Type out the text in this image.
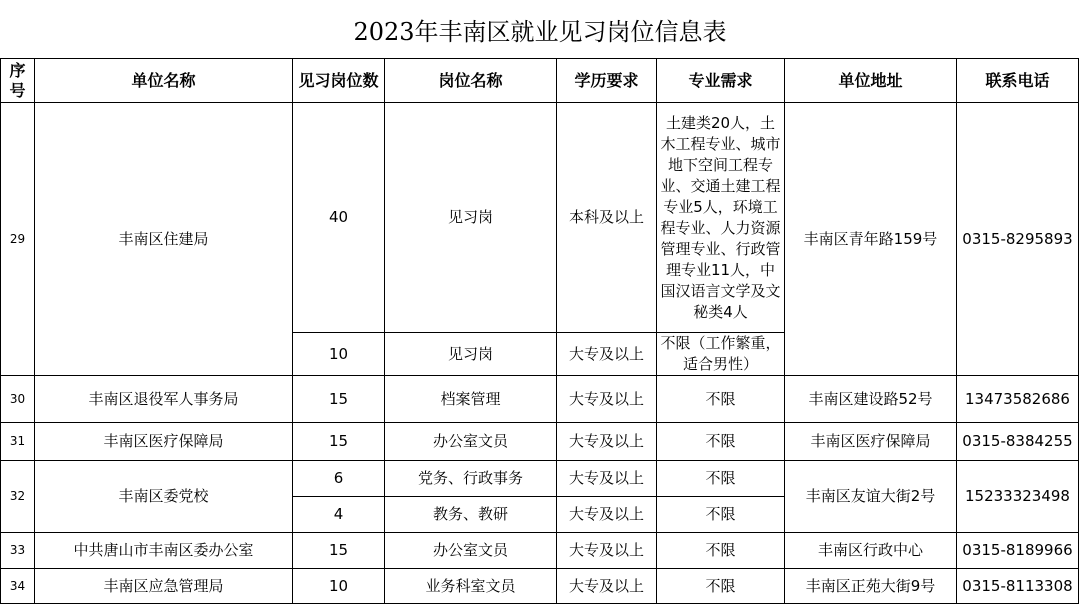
2023年丰南区就业见习岗位信息表
序号	单位名称	见习岗位数	岗位名称	学历要求	专业需求	单位地址	联系电话
29	丰南区住建局	40	见习岗	本科及以上	土建类20人，土木工程专业、城市地下空间工程专业、交通土建工程专业5人，环境工程专业、人力资源管理专业、行政管理专业11人，中国汉语言文学及文秘类4人	丰南区青年路159号	0315-8295893
		10	见习岗	大专及以上	不限（工作繁重，适合男性）		
30	丰南区退役军人事务局	15	档案管理	大专及以上	不限	丰南区建设路52号	13473582686
31	丰南区医疗保障局	15	办公室文员	大专及以上	不限	丰南区医疗保障局	0315-8384255
32	丰南区委党校	6	党务、行政事务	大专及以上	不限	丰南区友谊大街2号	15233323498
		4	教务、教研	大专及以上	不限		
33	中共唐山市丰南区委办公室	15	办公室文员	大专及以上	不限	丰南区行政中心	0315-8189966
34	丰南区应急管理局	10	业务科室文员	大专及以上	不限	丰南区正苑大街9号	0315-8113308
